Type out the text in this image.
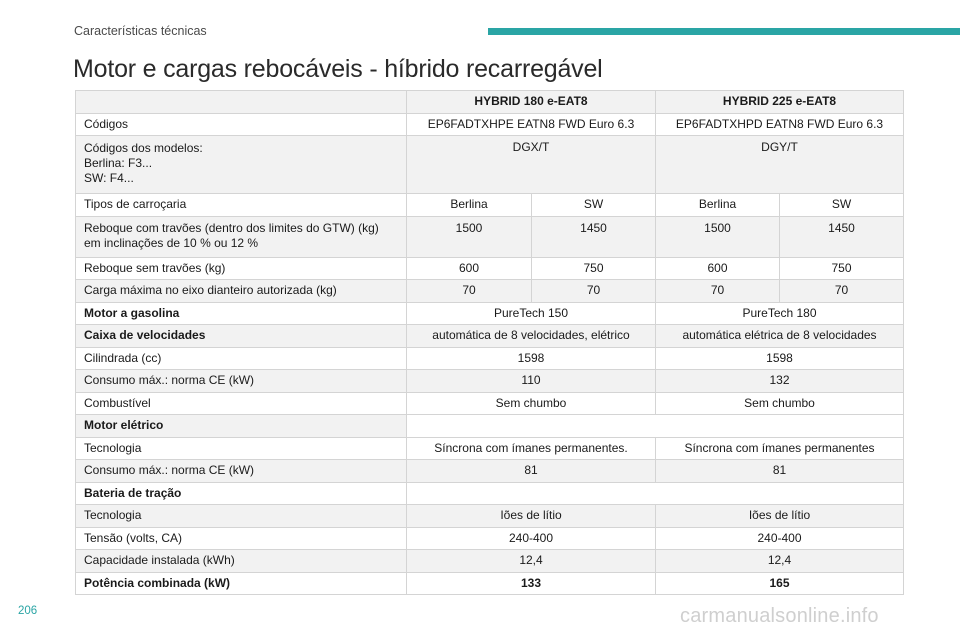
Características técnicas
Motor e cargas rebocáveis - híbrido recarregável
	HYBRID 180 e-EAT8		HYBRID 225 e-EAT8	
Códigos	EP6FADTXHPE EATN8 FWD Euro 6.3		EP6FADTXHPD EATN8 FWD Euro 6.3	

Códigos dos modelos:
Berlina: F3...
SW: F4...	DGX/T		DGY/T	
Tipos de carroçaria	Berlina	SW	Berlina	SW

Reboque com travões (dentro dos limites do GTW) (kg)
em inclinações de 10 % ou 12 %	1500	1450	1500	1450
Reboque sem travões (kg)	600	750	600	750
Carga máxima no eixo dianteiro autorizada (kg)	70	70	70	70
Motor a gasolina	PureTech 150		PureTech 180	
Caixa de velocidades	automática de 8 velocidades, elétrico		automática elétrica de 8 velocidades	
Cilindrada (cc)	1598		1598	
Consumo máx.: norma CE (kW)	110		132	
Combustível	Sem chumbo		Sem chumbo	
Motor elétrico				
Tecnologia	Síncrona com ímanes permanentes.		Síncrona com ímanes permanentes	
Consumo máx.: norma CE (kW)	81		81	
Bateria de tração				
Tecnologia	Iões de lítio		Iões de lítio	
Tensão (volts, CA)	240-400		240-400	
Capacidade instalada (kWh)	12,4		12,4	
Potência combinada (kW)	133		165	
206	carmanualsonline.info
